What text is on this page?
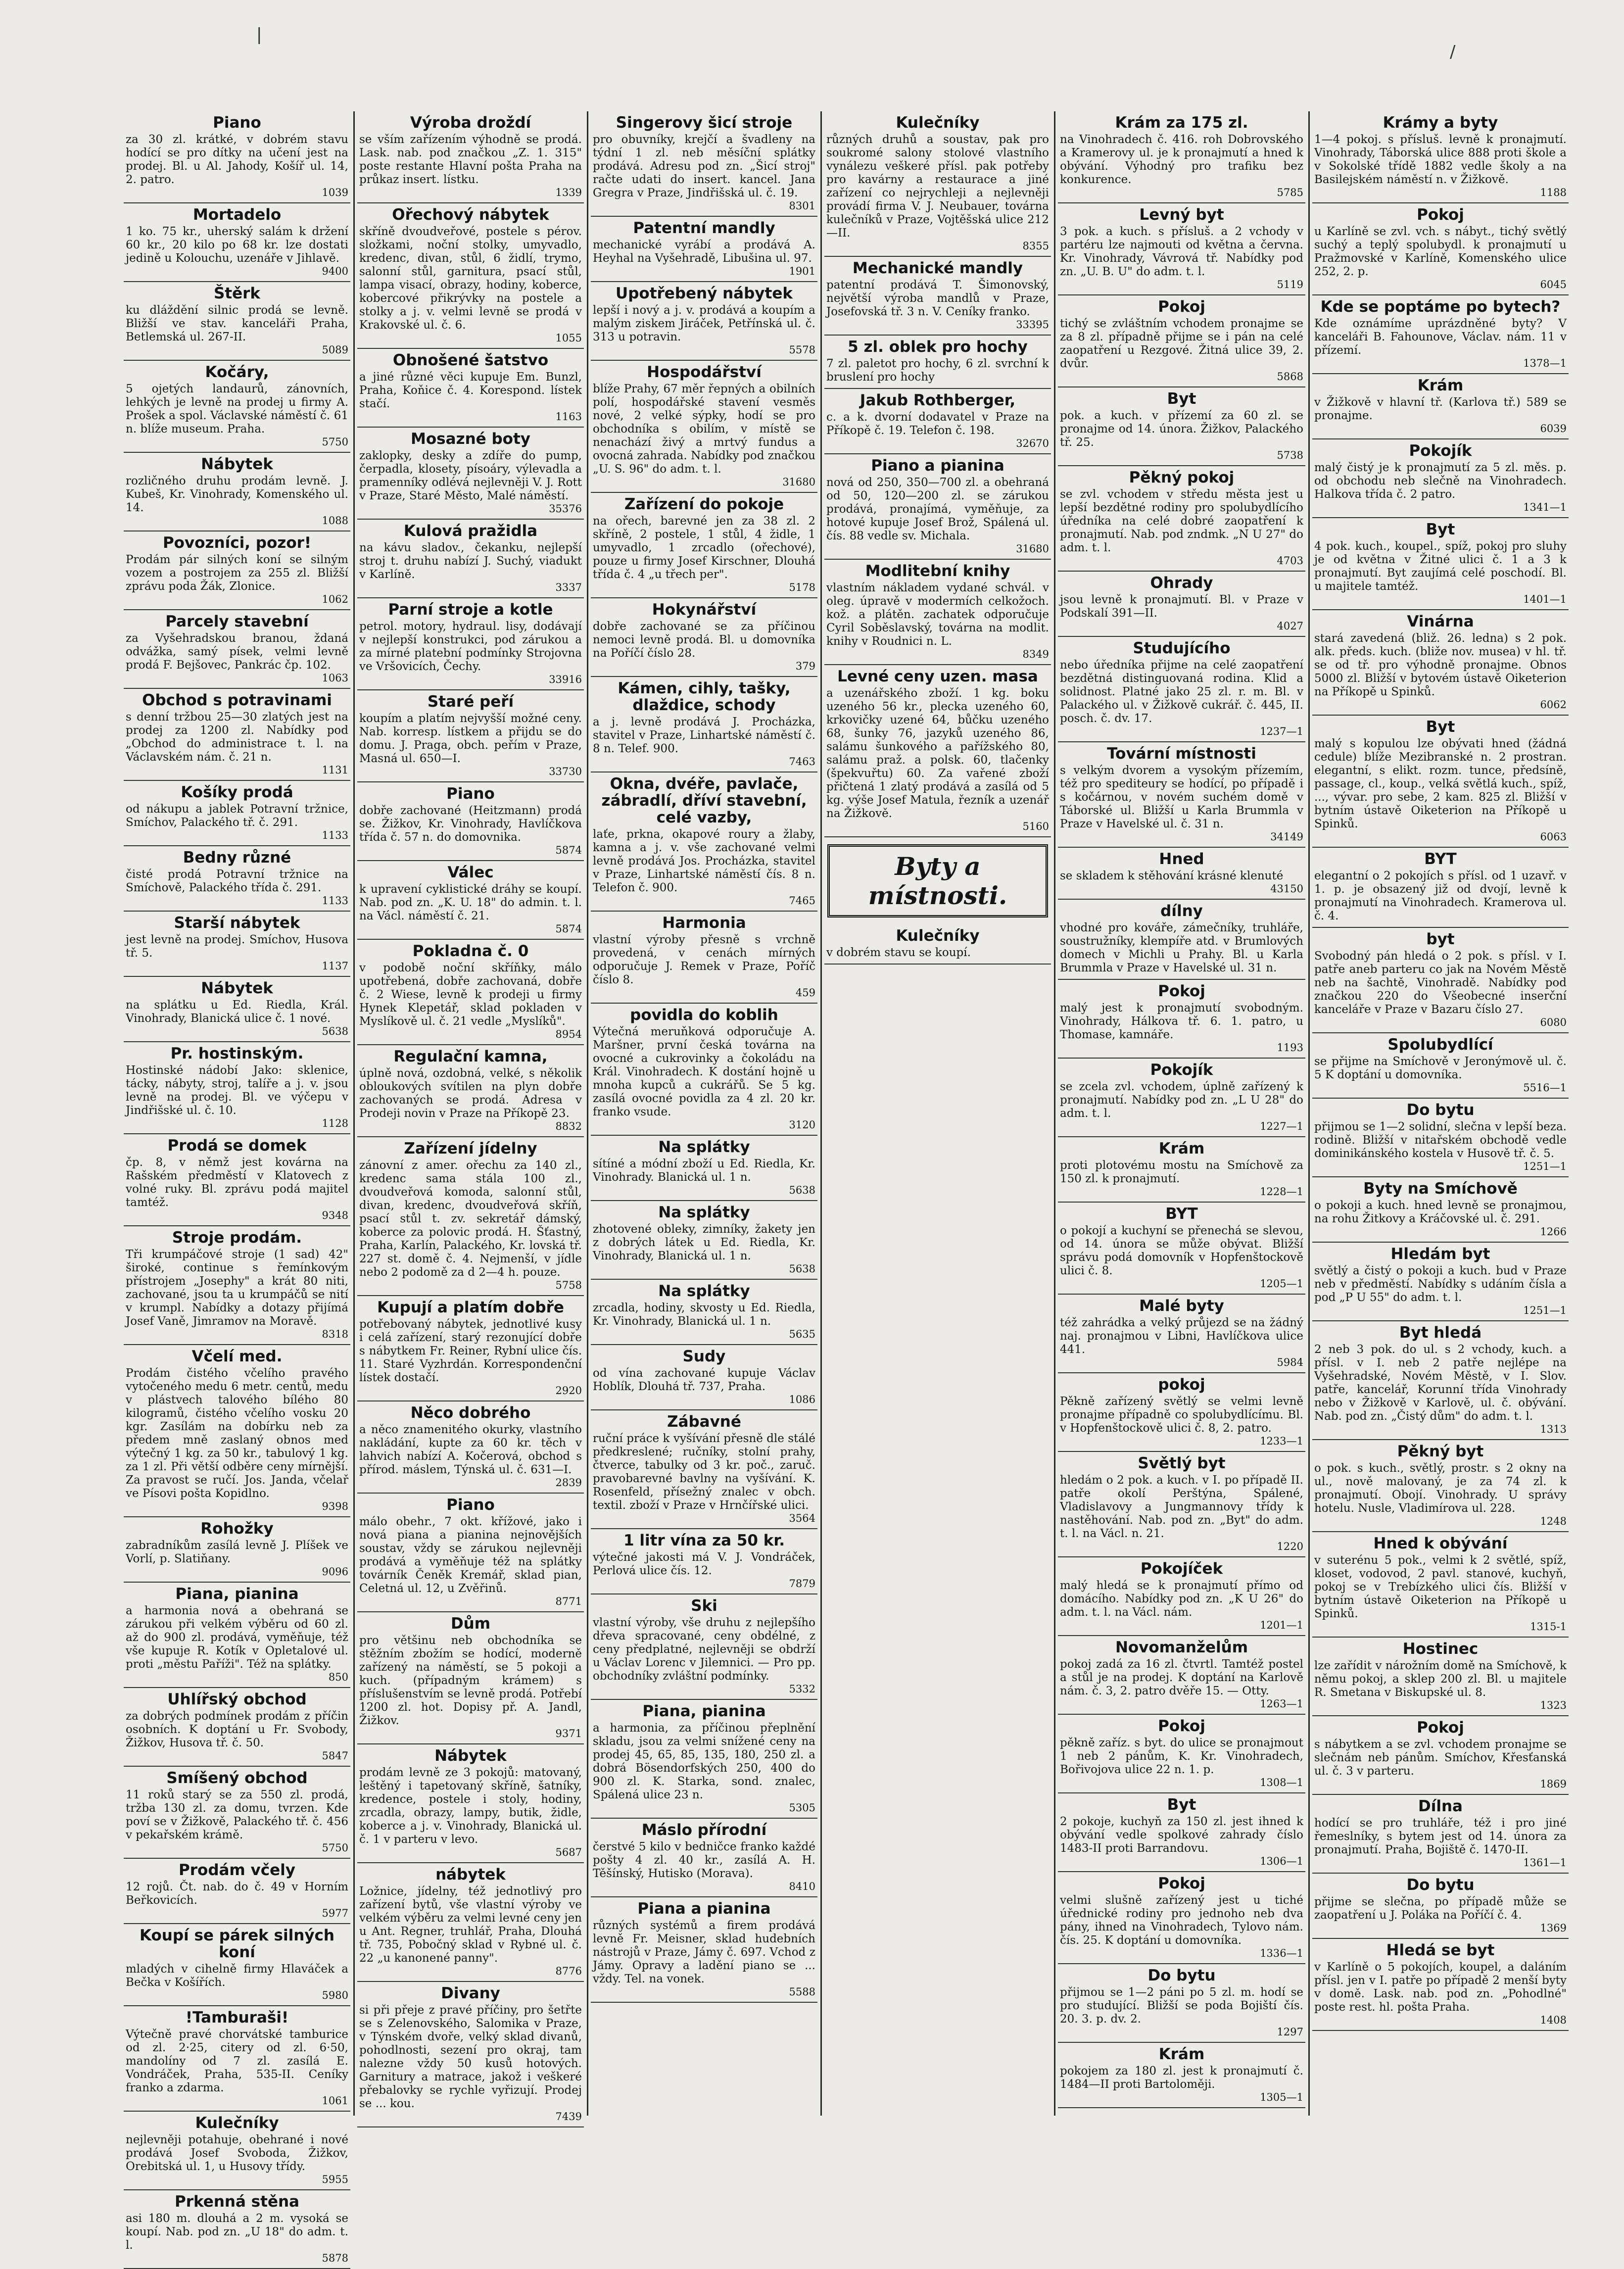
|
/
Piano

za 30 zl. krátké, v dobrém stavu hodící se pro dítky na učení jest na prodej. Bl. u Al. Jahody, Košíř ul. 14, 2. patro.

1039
Mortadelo

1 ko. 75 kr., uherský salám k držení 60 kr., 20 kilo po 68 kr. lze dostati jedině u Kolouchu, uzenáře v Jihlavě.

9400
Štěrk

ku dláždění silnic prodá se levně. Bližší ve stav. kanceláři Praha, Betlemská ul. 267-II.

5089
Kočáry,

5 ojetých landaurů, zánovních, lehkých je levně na prodej u firmy A. Prošek a spol. Václavské náměstí č. 61 n. blíže museum. Praha.

5750
Nábytek

rozličného druhu prodám levně. J. Kubeš, Kr. Vinohrady, Komenského ul. 14.

1088
Povozníci, pozor!

Prodám pár silných koní se silným vozem a postrojem za 255 zl. Bližší zprávu poda Žák, Zlonice.

1062
Parcely stavební

za Vyšehradskou branou, ždaná odvážka, samý písek, velmi levně prodá F. Bejšovec, Pankrác čp. 102.

1063
Obchod s potravinami

s denní tržbou 25—30 zlatých jest na prodej za 1200 zl. Nabídky pod „Obchod do administrace t. l. na Václavském nám. č. 21 n.

1131
Košíky prodá

od nákupu a jablek Potravní tržnice, Smíchov, Palackého tř. č. 291.

1133
Bedny různé

čisté prodá Potravní tržnice na Smíchově, Palackého třída č. 291.

1133
Starší nábytek

jest levně na prodej. Smíchov, Husova tř. 5.

1137
Nábytek

na splátku u Ed. Riedla, Král. Vinohrady, Blanická ulice č. 1 nové.

5638
Pr. hostinským.

Hostinské nádobí Jako: sklenice, tácky, nábyty, stroj, talíře a j. v. jsou levně na prodej. Bl. ve výčepu v Jindřišské ul. č. 10.

1128
Prodá se domek

čp. 8, v němž jest kovárna na Rašském předměstí v Klatovech z volné ruky. Bl. zprávu podá majitel tamtéž.

9348
Stroje prodám.

Tři krumpáčové stroje (1 sad) 42" široké, continue s řemínkovým přístrojem „Josephy" a krát 80 niti, zachované, jsou ta u krumpáčů se nití v krumpl. Nabídky a dotazy přijímá Josef Vaně, Jimramov na Moravě.

8318
Včelí med.

Prodám čistého včelího pravého vytočeného medu 6 metr. centů, medu v plástvech talového bílého 80 kilogramů, čistého včelího vosku 20 kgr. Zasílám na dobírku neb za předem mně zaslaný obnos med výtečný 1 kg. za 50 kr., tabulový 1 kg. za 1 zl. Při větší odběre ceny mírnější. Za pravost se ručí. Jos. Janda, včelař ve Písovi pošta Kopidlno.

9398
Rohožky

zabradníkům zasílá levně J. Plíšek ve Vorlí, p. Slatiňany.

9096
Piana, pianina

a harmonia nová a obehraná se zárukou při velkém výběru od 60 zl. až do 900 zl. prodává, vyměňuje, též vše kupuje R. Kotík v Opletalové ul. proti „městu Paříži". Též na splátky.

850
Uhlířský obchod

za dobrých podmínek prodám z příčin osobních. K doptání u Fr. Svobody, Žižkov, Husova tř. č. 50.

5847
Smíšený obchod

11 roků starý se za 550 zl. prodá, tržba 130 zl. za domu, tvrzen. Kde poví se v Žižkově, Palackého tř. č. 456 v pekařském krámě.

5750
Prodám včely

12 rojů. Čt. nab. do č. 49 v Horním Beřkovicích.

5977
Koupí se párek silných koní

mladých v cihelně firmy Hlaváček a Bečka v Košířích.

5980
!Tamburaši!

Výtečně pravé chorvátské tamburice od zl. 2·25, citery od zl. 6·50, mandolíny od 7 zl. zasílá E. Vondráček, Praha, 535-II. Ceníky franko a zdarma.

1061
Kulečníky

nejlevněji potahuje, obehrané i nové prodává Josef Svoboda, Žižkov, Orebitská ul. 1, u Husovy třídy.

5955
Prkenná stěna

asi 180 m. dlouhá a 2 m. vysoká se koupí. Nab. pod zn. „U 18" do adm. t. l.

5878
Výroba droždí

se vším zařízením výhodně se prodá. Lask. nab. pod značkou „Z. 1. 315" poste restante Hlavní pošta Praha na průkaz insert. lístku.

1339
Ořechový nábytek

skříně dvoudveřové, postele s pérov. složkami, noční stolky, umyvadlo, kredenc, divan, stůl, 6 židlí, trymo, salonní stůl, garnitura, psací stůl, lampa visací, obrazy, hodiny, koberce, kobercové přikrývky na postele a stolky a j. v. velmi levně se prodá v Krakovské ul. č. 6.

1055
Obnošené šatstvo

a jiné různé věci kupuje Em. Bunzl, Praha, Koňice č. 4. Korespond. lístek stačí.

1163
Mosazné boty

zaklopky, desky a zdíře do pump, čerpadla, klosety, písoáry, výlevadla a pramenníky odlévá nejlevněji V. J. Rott v Praze, Staré Město, Malé náměstí.

35376
Kulová pražidla

na kávu sladov., čekanku, nejlepší stroj t. druhu nabízí J. Suchý, viadukt v Karlíně.

3337
Parní stroje a kotle

petrol. motory, hydraul. lisy, dodávají v nejlepší konstrukci, pod zárukou a za mírné platební podmínky Strojovna ve Vršovicích, Čechy.

33916
Staré peří

koupím a platím nejvyšší možné ceny. Nab. korresp. lístkem a přijdu se do domu. J. Praga, obch. peřím v Praze, Masná ul. 650—I.

33730
Piano

dobře zachované (Heitzmann) prodá se. Žižkov, Kr. Vinohrady, Havlíčkova třída č. 57 n. do domovnika.

5874
Válec

k upravení cyklistické dráhy se koupí. Nab. pod zn. „K. U. 18" do admin. t. l. na Václ. náměstí č. 21.

5874
Pokladna č. 0

v podobě noční skříňky, málo upotřebená, dobře zachovaná, dobře č. 2 Wiese, levně k prodeji u firmy Hynek Klepetář, sklad pokladen v Myslíkově ul. č. 21 vedle „Myslíků".

8954
Regulační kamna,

úplně nová, ozdobná, velké, s několik obloukových svítilen na plyn dobře zachovaných se prodá. Adresa v Prodeji novin v Praze na Příkopě 23.

8832
Zařízení jídelny

zánovní z amer. ořechu za 140 zl., kredenc sama stála 100 zl., dvoudveřová komoda, salonní stůl, divan, kredenc, dvoudveřová skříň, psací stůl t. zv. sekretář dámský, koberce za polovic prodá. H. Šťastný, Praha, Karlín, Palackého, Kr. lovská tř. 227 st. domě č. 4. Nejmenší, v jídle nebo 2 podomě za d 2—4 h. pouze.

5758
Kupují a platím dobře

potřebovaný nábytek, jednotlivé kusy i celá zařízení, starý rezonující dobře s nábytkem Fr. Reiner, Rybní ulice čís. 11. Staré Vyzhrdán. Korrespondenční lístek dostačí.

2920
Něco dobrého

a něco znamenitého okurky, vlastního nakládání, kupte za 60 kr. těch v lahvich nabízí A. Kočerová, obchod s přírod. máslem, Týnská ul. č. 631—I.

2839
Piano

málo obehr., 7 okt. křížové, jako i nová piana a pianina nejnovějších soustav, vždy se zárukou nejlevněji prodává a vyměňuje též na splátky továrník Čeněk Kremář, sklad pian, Celetná ul. 12, u Zvěřinů.

8771
Dům

pro většinu neb obchodníka se stěžním zbožím se hodící, moderně zařízený na náměstí, se 5 pokoji a kuch. (případným krámem) s příslušenstvím se levně prodá. Potřebí 1200 zl. hot. Dopisy př. A. Jandl, Žižkov.

9371
Nábytek

prodám levně ze 3 pokojů: matovaný, leštěný i tapetovaný skříně, šatníky, kredence, postele i stoly, hodiny, zrcadla, obrazy, lampy, butik, židle, koberce a j. v. Vinohrady, Blanická ul. č. 1 v parteru v levo.

5687
nábytek

Ložnice, jídelny, též jednotlivý pro zařízení bytů, vše vlastní výroby ve velkém výběru za velmi levné ceny jen u Ant. Regner, truhlář, Praha, Dlouhá tř. 735, Pobočný sklad v Rybné ul. č. 22 „u kanonené panny".

8776
Divany

si při přeje z pravé příčiny, pro šetřte se s Zelenovského, Salomika v Praze, v Týnském dvoře, velký sklad divanů, pohodlnosti, sezení pro okraj, tam nalezne vždy 50 kusů hotových. Garnitury a matrace, jakož i veškeré přebalovky se rychle vyřizují. Prodej se ... kou.

7439
Singerovy šicí stroje

pro obuvníky, krejčí a švadleny na týdní 1 zl. neb měsíční splátky prodává. Adresu pod zn. „Šicí stroj" račte udati do insert. kancel. Jana Gregra v Praze, Jindřišská ul. č. 19.

8301
Patentní mandly

mechanické vyrábí a prodává A. Heyhal na Vyšehradě, Libušina ul. 97.

1901
Upotřebený nábytek

lepší i nový a j. v. prodává a koupím a malým ziskem Jiráček, Petřínská ul. č. 313 u potravin.

5578
Hospodářství

blíže Prahy, 67 měr řepných a obilních polí, hospodářské stavení vesměs nové, 2 velké sýpky, hodí se pro obchodníka s obilím, v místě se nenachází živý a mrtvý fundus a ovocná zahrada. Nabídky pod značkou „U. S. 96" do adm. t. l.

31680
Zařízení do pokoje

na ořech, barevné jen za 38 zl. 2 skříně, 2 postele, 1 stůl, 4 židle, 1 umyvadlo, 1 zrcadlo (ořechové), pouze u firmy Josef Kirschner, Dlouhá třída č. 4 „u třech per".

5178
Hokynářství

dobře zachované se za příčinou nemoci levně prodá. Bl. u domovníka na Poříčí číslo 28.

379
Kámen, cihly, tašky, dlaždice, schody

a j. levně prodává J. Procházka, stavitel v Praze, Linhartské náměstí č. 8 n. Telef. 900.

7463
Okna, dvéře, pavlače, zábradlí, dříví stavební, celé vazby,

laťe, prkna, okapové roury a žlaby, kamna a j. v. vše zachované velmi levně prodává Jos. Procházka, stavitel v Praze, Linhartské náměstí čís. 8 n. Telefon č. 900.

7465
Harmonia

vlastní výroby přesně s vrchně provedená, v cenách mírných odporučuje J. Remek v Praze, Poříč číslo 8.

459
povidla do koblih

Výtečná meruňková odporučuje A. Maršner, první česká továrna na ovocné a cukrovinky a čokoládu na Král. Vinohradech. K dostání hojně u mnoha kupců a cukrářů. Se 5 kg. zasílá ovocné povidla za 4 zl. 20 kr. franko vsude.

3120
Na splátky

sítíné a módní zboží u Ed. Riedla, Kr. Vinohrady. Blanická ul. 1 n.

5638
Na splátky

zhotovené obleky, zimníky, žakety jen z dobrých látek u Ed. Riedla, Kr. Vinohrady, Blanická ul. 1 n.

5638
Na splátky

zrcadla, hodiny, skvosty u Ed. Riedla, Kr. Vinohrady, Blanická ul. 1 n.

5635
Sudy

od vína zachované kupuje Václav Hoblík, Dlouhá tř. 737, Praha.

1086
Zábavné

ruční práce k vyšívání přesně dle stálé předkreslené; ručníky, stolní prahy, čtverce, tabulky od 3 kr. poč., zaruč. pravobarevné bavlny na vyšívání. K. Rosenfeld, přísežný znalec v obch. textil. zboží v Praze v Hrnčířské ulici.

3564
1 litr vína za 50 kr.

výtečné jakosti má V. J. Vondráček, Perlová ulice čís. 12.

7879
Ski

vlastní výroby, vše druhu z nejlepšího dřeva spracované, ceny obdélné, z ceny předplatné, nejlevněji se obdrží u Václav Lorenc v Jilemnici. — Pro pp. obchodníky zvláštní podmínky.

5332
Piana, pianina

a harmonia, za příčinou přeplnění skladu, jsou za velmi snížené ceny na prodej 45, 65, 85, 135, 180, 250 zl. a dobrá Bösendorfských 250, 400 do 900 zl. K. Starka, sond. znalec, Spálená ulice 23 n.

5305
Máslo přírodní

čerstvé 5 kilo v bedničce franko každé pošty 4 zl. 40 kr., zasílá A. H. Těšínský, Hutisko (Morava).

8410
Piana a pianina

různých systémů a firem prodává levně Fr. Meisner, sklad hudebních nástrojů v Praze, Jámy č. 697. Vchod z Jámy. Opravy a ladění piano se ... vždy. Tel. na vonek.

5588
Kulečníky

různých druhů a soustav, pak pro soukromé salony stolové vlastního vynálezu veškeré přísl. pak potřeby pro kavárny a restaurace a jiné zařízení co nejrychleji a nejlevněji provádí firma V. J. Neubauer, továrna kulečníků v Praze, Vojtěšská ulice 212—II.

8355
Mechanické mandly

patentní prodává T. Šimonovský, největší výroba mandlů v Praze, Josefovská tř. 3 n. V. Ceníky franko.

33395
5 zl. oblek pro hochy

7 zl. paletot pro hochy, 6 zl. svrchní k bruslení pro hochy

Jakub Rothberger,

c. a k. dvorní dodavatel v Praze na Příkopě č. 19. Telefon č. 198.

32670
Piano a pianina

nová od 250, 350—700 zl. a obehraná od 50, 120—200 zl. se zárukou prodává, pronajímá, vyměňuje, za hotové kupuje Josef Brož, Spálená ul. čís. 88 vedle sv. Michala.

31680
Modlitební knihy

vlastním nákladem vydané schvál. v oleg. úpravě v modermích celkožoch. kož. a plátěn. zachatek odporučuje Cyril Soběslavský, továrna na modlit. knihy v Roudnici n. L.

8349
Levné ceny uzen. masa

a uzenářského zboží. 1 kg. boku uzeného 56 kr., plecka uzeného 60, krkovičky uzené 64, bůčku uzeného 68, šunky 76, jazyků uzeného 86, salámu šunkového a pařížského 80, salámu praž. a polsk. 60, tlačenky (špekvuřtu) 60. Za vařené zboží přičtená 1 zlatý prodává a zasílá od 5 kg. výše Josef Matula, řezník a uzenář na Žižkově.

5160
Byty a místnosti.
Kulečníky

v dobrém stavu se koupí.

Krám za 175 zl.

na Vinohradech č. 416. roh Dobrovského a Kramerovy ul. je k pronajmutí a hned k obývání. Výhodný pro trafiku bez konkurence.

5785
Levný byt

3 pok. a kuch. s přísluš. a 2 vchody v partéru lze najmouti od května a června. Kr. Vinohrady, Vávrová tř. Nabídky pod zn. „U. B. U" do adm. t. l.

5119
Pokoj

tichý se zvláštním vchodem pronajme se za 8 zl. případně přijme se i pán na celé zaopatření u Rezgové. Žitná ulice 39, 2. dvůr.

5868
Byt

pok. a kuch. v přízemí za 60 zl. se pronajme od 14. února. Žižkov, Palackého tř. 25.

5738
Pěkný pokoj

se zvl. vchodem v středu města jest u lepší bezdětné rodiny pro spolubydlícího úředníka na celé dobré zaopatření k pronajmutí. Nab. pod zndmk. „N U 27" do adm. t. l.

4703
Ohrady

jsou levně k pronajmutí. Bl. v Praze v Podskalí 391—II.

4027
Studujícího

nebo úředníka přijme na celé zaopatření bezdětná distinguovaná rodina. Klid a solidnost. Platné jako 25 zl. r. m. Bl. v Palackého ul. v Žižkově cukrář. č. 445, II. posch. č. dv. 17.

1237—1
Tovární místnosti

s velkým dvorem a vysokým přízemím, též pro spediteury se hodící, po případě i s kočárnou, v novém suchém domě v Táborské ul. Bližší u Karla Brummla v Praze v Havelské ul. č. 31 n.

34149
Hned

se skladem k stěhování krásné klenuté

43150
dílny

vhodné pro kováře, zámečníky, truhláře, soustružníky, klempíře atd. v Brumlových domech v Michli u Prahy. Bl. u Karla Brummla v Praze v Havelské ul. 31 n.

Pokoj

malý jest k pronajmutí svobodným. Vinohrady, Hálkova tř. 6. 1. patro, u Thomase, kamnáře.

1193
Pokojík

se zcela zvl. vchodem, úplně zařízený k pronajmutí. Nabídky pod zn. „L U 28" do adm. t. l.

1227—1
Krám

proti plotovému mostu na Smíchově za 150 zl. k pronajmutí.

1228—1
BYT

o pokojí a kuchyní se přenechá se slevou, od 14. února se může obývat. Bližší správu podá domovník v Hopfenštockově ulici č. 8.

1205—1
Malé byty

též zahrádka a velký průjezd se na žádný naj. pronajmou v Libni, Havlíčkova ulice 441.

5984
pokoj

Pěkně zařízený světlý se velmi levně pronajme případně co spolubydlícímu. Bl. v Hopfenštockově ulici č. 8, 2. patro.

1233—1
Světlý byt

hledám o 2 pok. a kuch. v I. po případě II. patře okolí Perštýna, Spálené, Vladislavovy a Jungmannovy třídy k nastěhování. Nab. pod zn. „Byt" do adm. t. l. na Václ. n. 21.

1220
Pokojíček

malý hledá se k pronajmutí přímo od domácího. Nabídky pod zn. „K U 26" do adm. t. l. na Václ. nám.

1201—1
Novomanželům

pokoj zadá za 16 zl. čtvrtl. Tamtéž postel a stůl je na prodej. K doptání na Karlově nám. č. 3, 2. patro dvěře 15. — Otty.

1263—1
Pokoj

pěkně zaříz. s byt. do ulice se pronajmout 1 neb 2 pánům, K. Kr. Vinohradech, Bořivojova ulice 22 n. 1. p.

1308—1
Byt

2 pokoje, kuchyň za 150 zl. jest ihned k obývání vedle spolkové zahrady číslo 1483-II proti Barrandovu.

1306—1
Pokoj

velmi slušně zařízený jest u tiché úřednické rodiny pro jednoho neb dva pány, ihned na Vinohradech, Tylovo nám. čís. 25. K doptání u domovníka.

1336—1
Do bytu

přijmou se 1—2 páni po 5 zl. m. hodí se pro studující. Bližší se poda Bojiští čís. 20. 3. p. dv. 2.

1297
Krám

pokojem za 180 zl. jest k pronajmutí č. 1484—II proti Bartoloměji.

1305—1
Krámy a byty

1—4 pokoj. s přísluš. levně k pronajmutí. Vinohrady, Táborská ulice 888 proti škole a v Sokolské třídě 1882 vedle školy a na Basilejském náměstí n. v Žižkově.

1188
Pokoj

u Karlíně se zvl. vch. s nábyt., tichý světlý suchý a teplý spolubydl. k pronajmutí u Pražmovské v Karlíně, Komenského ulice 252, 2. p.

6045
Kde se poptáme po bytech?

Kde oznámíme uprázdněné byty? V kanceláři B. Fahounove, Václav. nám. 11 v přízemí.

1378—1
Krám

v Žižkově v hlavní tř. (Karlova tř.) 589 se pronajme.

6039
Pokojík

malý čistý je k pronajmutí za 5 zl. měs. p. od obchodu neb slečně na Vinohradech. Halkova třída č. 2 patro.

1341—1
Byt

4 pok. kuch., koupel., spíž, pokoj pro sluhy je od května v Žitné ulici č. 1 a 3 k pronajmutí. Byt zaujímá celé poschodí. Bl. u majitele tamtéž.

1401—1
Vinárna

stará zavedená (bliž. 26. ledna) s 2 pok. alk. předs. kuch. (bliže nov. musea) v hl. tř. se od tř. pro výhodně pronajme. Obnos 5000 zl. Bližší v bytovém ústavě Oiketerion na Příkopě u Spinků.

6062
Byt

malý s kopulou lze obývati hned (žádná cedule) blíže Mezibranské n. 2 prostran. elegantní, s elikt. rozm. tunce, předsíně, passage, cl., koup., velká světlá kuch., spíž, ..., vývar. pro sebe, 2 kam. 825 zl. Bližší v bytním ústavě Oiketerion na Příkopě u Spinků.

6063
BYT

elegantní o 2 pokojích s přísl. od 1 uzavř. v 1. p. je obsazený již od dvojí, levně k pronajmutí na Vinohradech. Kramerova ul. č. 4.

byt

Svobodný pán hledá o 2 pok. s přísl. v I. patře aneb parteru co jak na Novém Městě neb na šachtě, Vinohradě. Nabídky pod značkou 220 do Všeobecné inserční kanceláře v Praze v Bazaru číslo 27.

6080
Spolubydlící

se přijme na Smíchově v Jeronýmově ul. č. 5 K doptání u domovníka.

5516—1
Do bytu

přijmou se 1—2 solidní, slečna v lepší beza. rodině. Bližší v nitařském obchodě vedle dominikánského kostela v Husově tř. č. 5.

1251—1
Byty na Smíchově

o pokoji a kuch. hned levně se pronajmou, na rohu Žitkovy a Kráčovské ul. č. 291.

1266
Hledám byt

světlý a čistý o pokoji a kuch. bud v Praze neb v předměstí. Nabídky s udáním čísla a pod „P U 55" do adm. t. l.

1251—1
Byt hledá

2 neb 3 pok. do ul. s 2 vchody, kuch. a přísl. v I. neb 2 patře nejlépe na Vyšehradské, Novém Městě, v I. Slov. patře, kancelář, Korunní třída Vinohrady nebo v Žižkově v Karlově, ul. č. obývání. Nab. pod zn. „Čistý dům" do adm. t. l.

1313
Pěkný byt

o pok. s kuch., světlý, prostr. s 2 okny na ul., nově malovaný, je za 74 zl. k pronajmutí. Obojí. Vinohrady. U správy hotelu. Nusle, Vladimírova ul. 228.

1248
Hned k obývání

v suterénu 5 pok., velmi k 2 světlé, spíž, kloset, vodovod, 2 pavl. stanové, kuchyň, pokoj se v Trebízkého ulici čís. Bližší v bytním ústavě Oiketerion na Příkopě u Spinků.

1315-1
Hostinec

lze zařídit v nárožním domě na Smíchově, k němu pokoj, a sklep 200 zl. Bl. u majitele R. Smetana v Biskupské ul. 8.

1323
Pokoj

s nábytkem a se zvl. vchodem pronajme se slečnám neb pánům. Smíchov, Křesťanská ul. č. 3 v parteru.

1869
Dílna

hodící se pro truhláře, též i pro jiné řemeslníky, s bytem jest od 14. února za pronajmutí. Praha, Bojiště č. 1470-II.

1361—1
Do bytu

přijme se slečna, po případě může se zaopatření u J. Poláka na Poříčí č. 4.

1369
Hledá se byt

v Karlíně o 5 pokojích, koupel, a daláním přísl. jen v I. patře po případě 2 menší byty v domě. Lask. nab. pod zn. „Pohodlné" poste rest. hl. pošta Praha.

1408
